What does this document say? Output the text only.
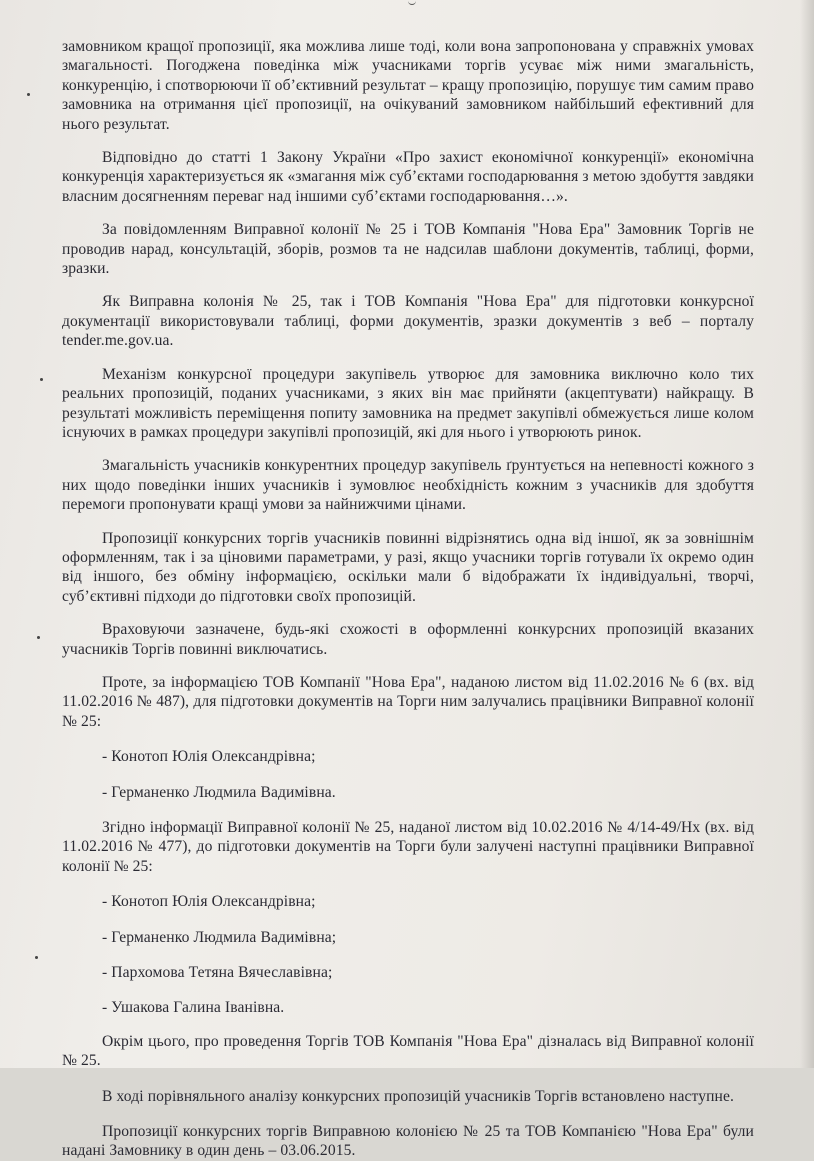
замовником кращої пропозиції, яка можлива лише тоді, коли вона запропонована у справжніх умовах змагальності. Погоджена поведінка між учасниками торгів усуває між ними змагальність, конкуренцію, і спотворюючи її об’єктивний результат – кращу пропозицію, порушує тим самим право замовника на отримання цієї пропозиції, на очікуваний замовником найбільший ефективний для нього результат.

Відповідно до статті 1 Закону України «Про захист економічної конкуренції» економічна конкуренція характеризується як «змагання між суб’єктами господарювання з метою здобуття завдяки власним досягненням переваг над іншими суб’єктами господарювання…».

За повідомленням Виправної колонії № 25 і ТОВ Компанія "Нова Ера" Замовник Торгів не проводив нарад, консультацій, зборів, розмов та не надсилав шаблони документів, таблиці, форми, зразки.

Як Виправна колонія № 25, так і ТОВ Компанія "Нова Ера" для підготовки конкурсної документації використовували таблиці, форми документів, зразки документів з веб – порталу tender.me.gov.ua.

Механізм конкурсної процедури закупівель утворює для замовника виключно коло тих реальних пропозицій, поданих учасниками, з яких він має прийняти (акцептувати) найкращу. В результаті можливість переміщення попиту замовника на предмет закупівлі обмежується лише колом існуючих в рамках процедури закупівлі пропозицій, які для нього і утворюють ринок.

Змагальність учасників конкурентних процедур закупівель ґрунтується на непевності кожного з них щодо поведінки інших учасників і зумовлює необхідність кожним з учасників для здобуття перемоги пропонувати кращі умови за найнижчими цінами.

Пропозиції конкурсних торгів учасників повинні відрізнятись одна від іншої, як за зовнішнім оформленням, так і за ціновими параметрами, у разі, якщо учасники торгів готували їх окремо один від іншого, без обміну інформацією, оскільки мали б відображати їх індивідуальні, творчі, суб’єктивні підходи до підготовки своїх пропозицій.

Враховуючи зазначене, будь-які схожості в оформленні конкурсних пропозицій вказаних учасників Торгів повинні виключатись.

Проте, за інформацією ТОВ Компанії "Нова Ера", наданою листом від 11.02.2016 № 6 (вх. від 11.02.2016 № 487), для підготовки документів на Торги ним залучались працівники Виправної колонії № 25:

- Конотоп Юлія Олександрівна;

- Германенко Людмила Вадимівна.

Згідно інформації Виправної колонії № 25, наданої листом від 10.02.2016 № 4/14-49/Нх (вх. від 11.02.2016 № 477), до підготовки документів на Торги були залучені наступні працівники Виправної колонії № 25:

- Конотоп Юлія Олександрівна;

- Германенко Людмила Вадимівна;

- Пархомова Тетяна Вячеславівна;

- Ушакова Галина Іванівна.

Окрім цього, про проведення Торгів ТОВ Компанія "Нова Ера" дізналась від Виправної колонії № 25.

В ході порівняльного аналізу конкурсних пропозицій учасників Торгів встановлено наступне.

Пропозиції конкурсних торгів Виправною колонією № 25 та ТОВ Компанією "Нова Ера" були надані Замовнику в один день – 03.06.2015.
